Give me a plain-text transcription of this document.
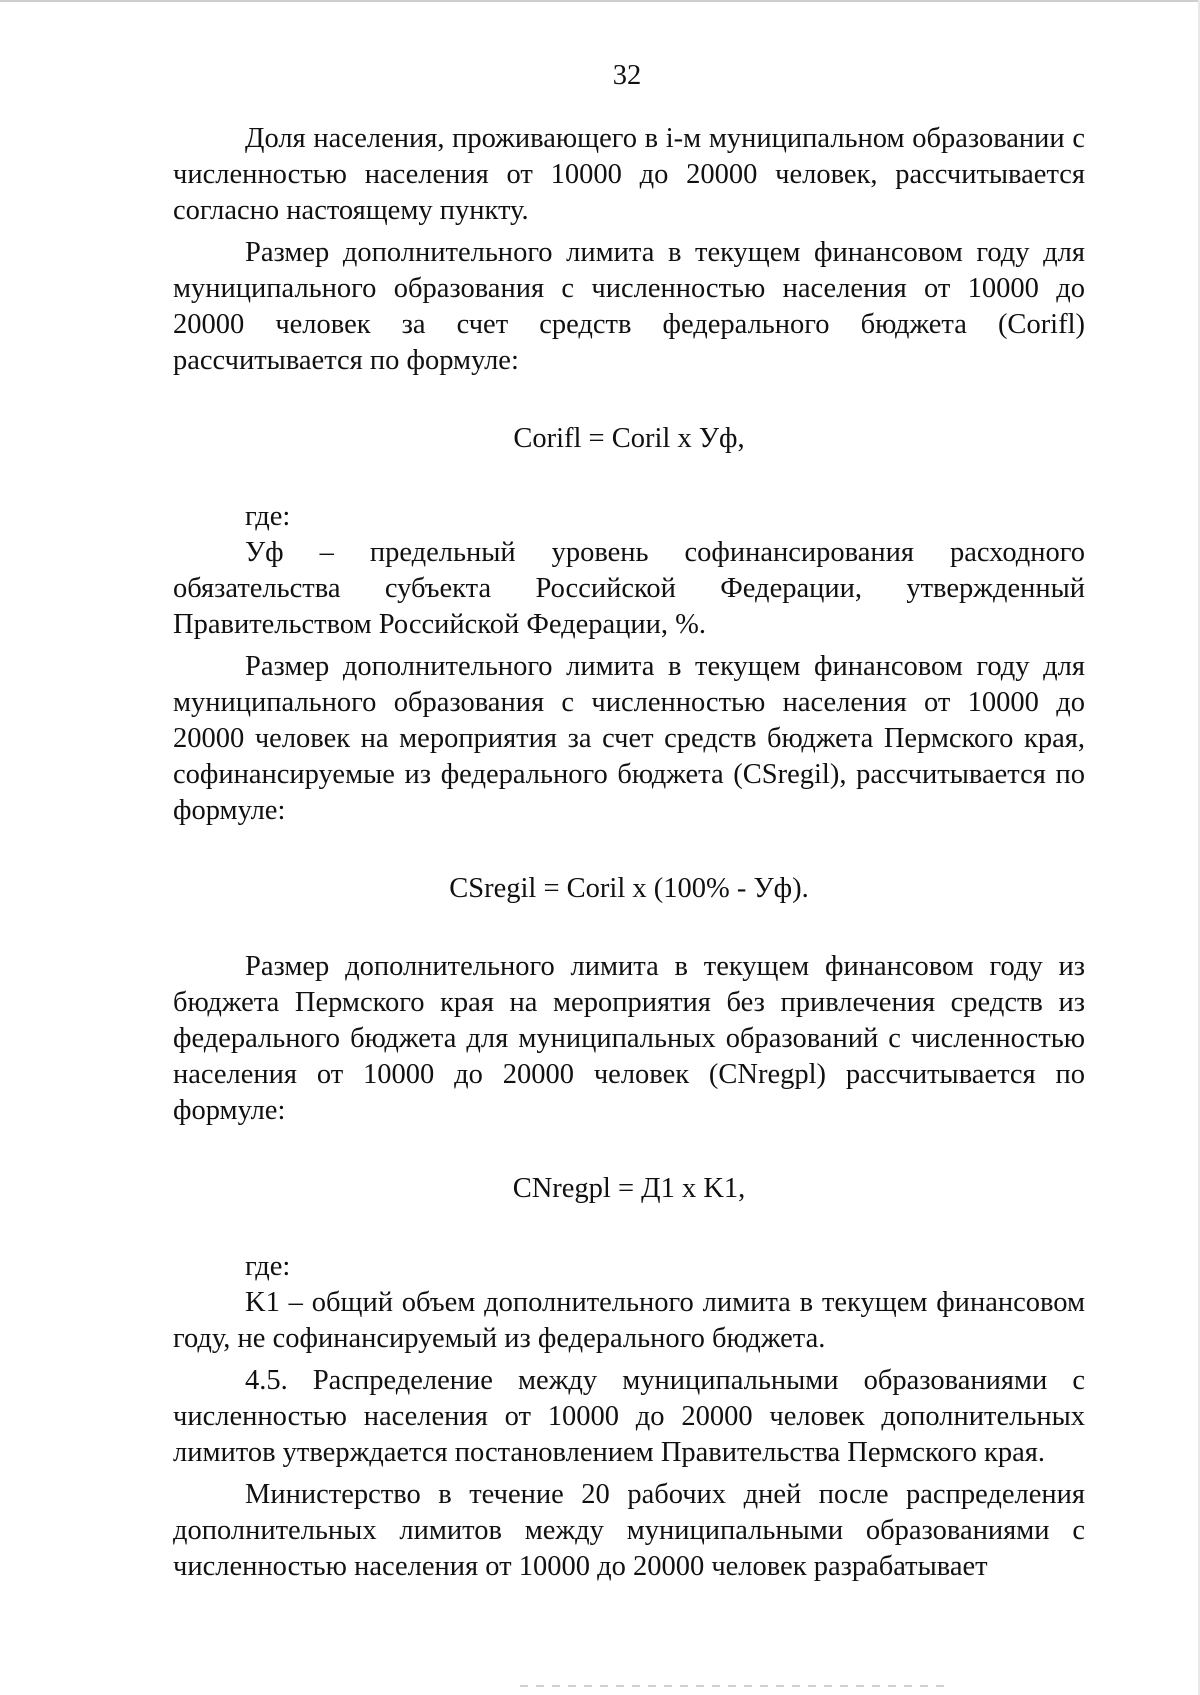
32

Доля населения, проживающего в i-м муниципальном образовании с численностью населения от 10000 до 20000 человек, рассчитывается согласно настоящему пункту.

Размер дополнительного лимита в текущем финансовом году для муниципального образования с численностью населения от 10000 до 20000 человек за счет средств федерального бюджета (Corifl) рассчитывается по формуле:

Corifl = Coril x Уф,

где:

Уф – предельный уровень софинансирования расходного обязательства субъекта Российской Федерации, утвержденный Правительством Российской Федерации, %.

Размер дополнительного лимита в текущем финансовом году для муниципального образования с численностью населения от 10000 до 20000 человек на мероприятия за счет средств бюджета Пермского края, софинансируемые из федерального бюджета (CSregil), рассчитывается по формуле:

CSregil = Coril x (100% - Уф).

Размер дополнительного лимита в текущем финансовом году из бюджета Пермского края на мероприятия без привлечения средств из федерального бюджета для муниципальных образований с численностью населения от 10000 до 20000 человек (CNregpl) рассчитывается по формуле:

CNregpl = Д1 x K1,

где:

K1 – общий объем дополнительного лимита в текущем финансовом году, не софинансируемый из федерального бюджета.

4.5. Распределение между муниципальными образованиями с численностью населения от 10000 до 20000 человек дополнительных лимитов утверждается постановлением Правительства Пермского края.

Министерство в течение 20 рабочих дней после распределения дополнительных лимитов между муниципальными образованиями с численностью населения от 10000 до 20000 человек разрабатывает
